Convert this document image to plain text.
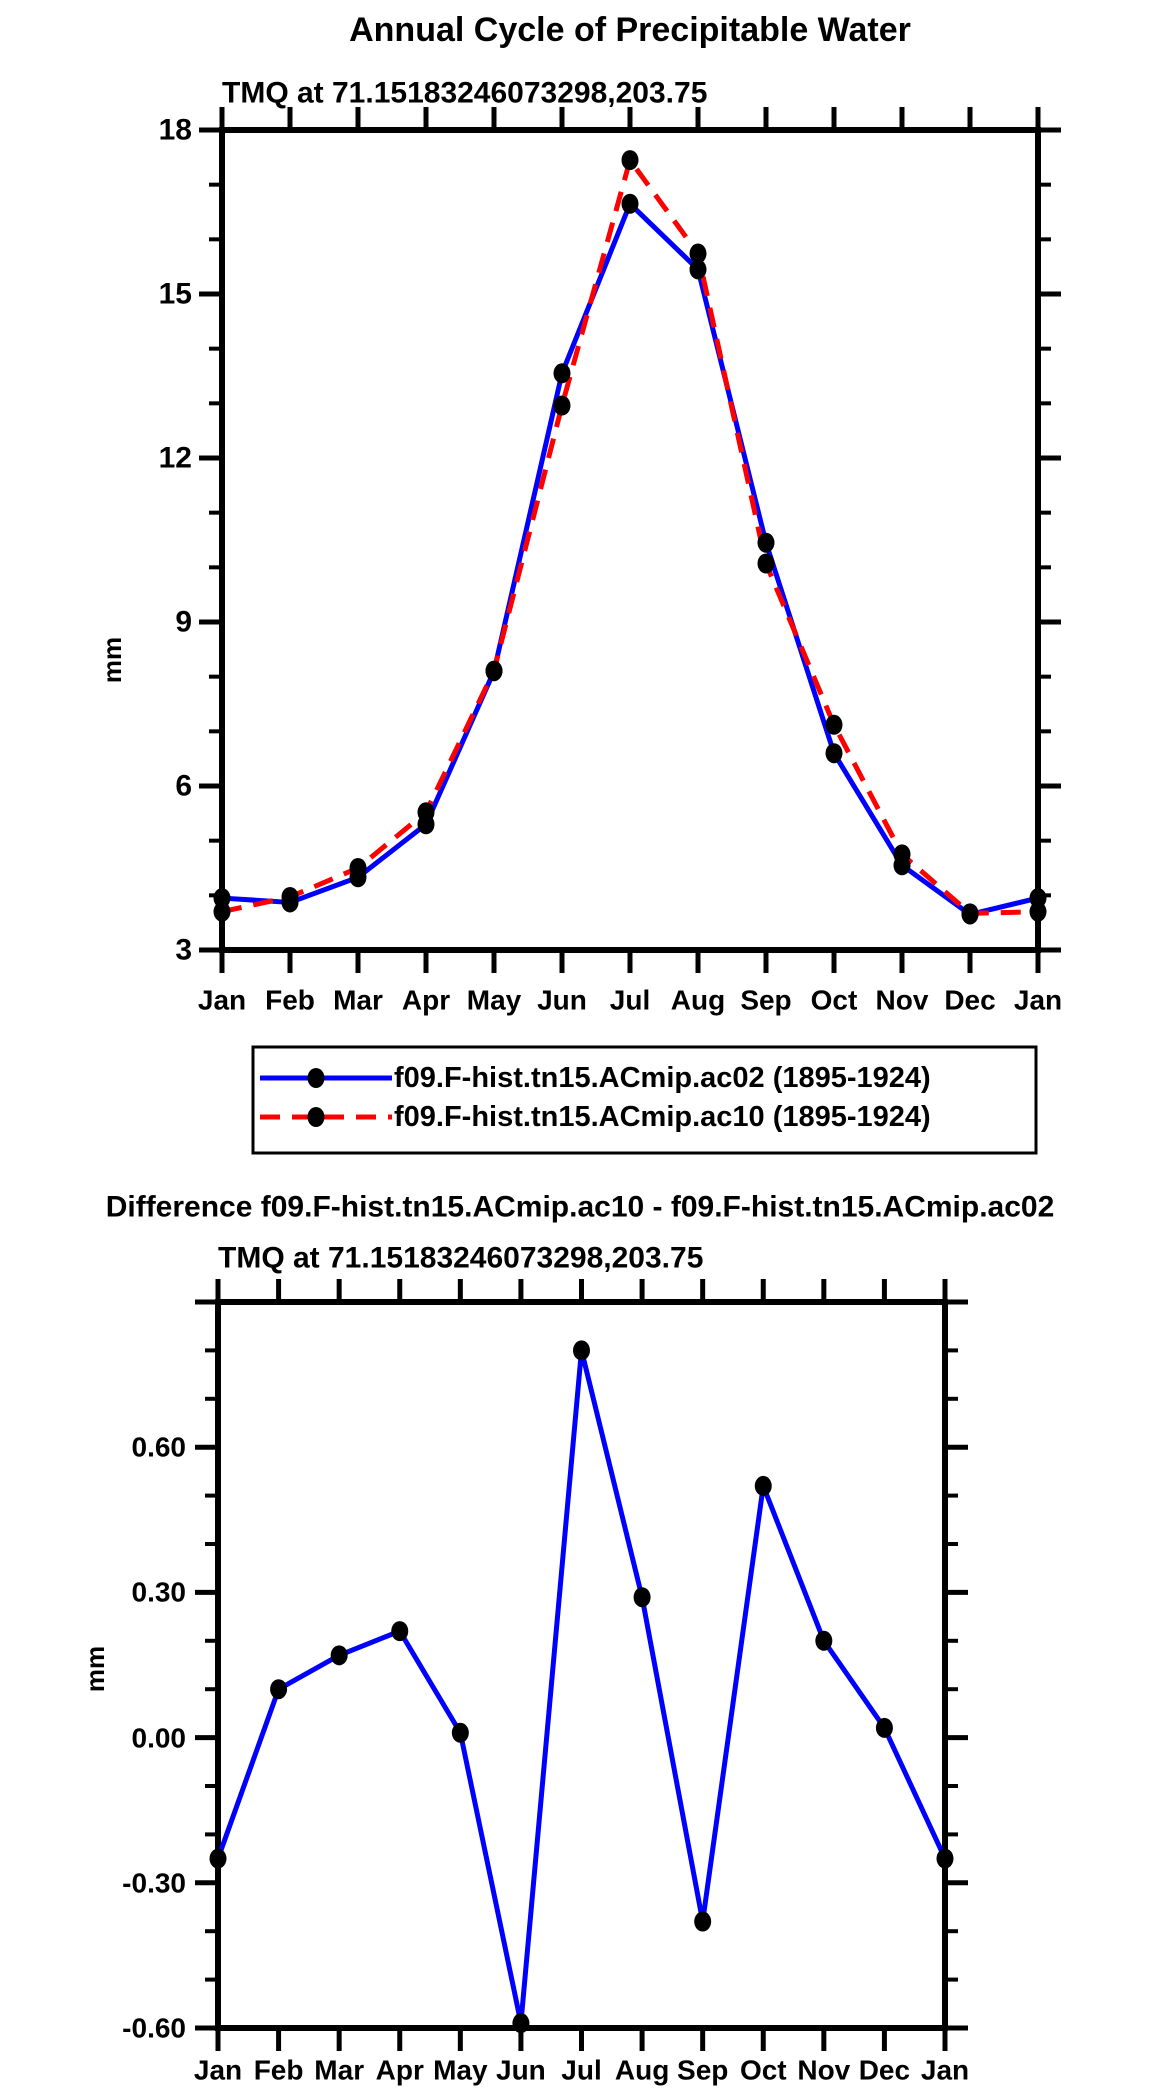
Annual Cycle of Precipitable Water
TMQ at 71.15183246073298,203.75
mm
18
15
12
9
6
3
Jan Feb Mar Apr May Jun Jul Aug Sep Oct Nov Dec Jan
f09.F-hist.tn15.ACmip.ac02 (1895-1924)
f09.F-hist.tn15.ACmip.ac10 (1895-1924)
Difference f09.F-hist.tn15.ACmip.ac10 - f09.F-hist.tn15.ACmip.ac02
TMQ at 71.15183246073298,203.75
mm
0.60
0.30
0.00
-0.30
-0.60
Jan Feb Mar Apr May Jun Jul Aug Sep Oct Nov Dec Jan
